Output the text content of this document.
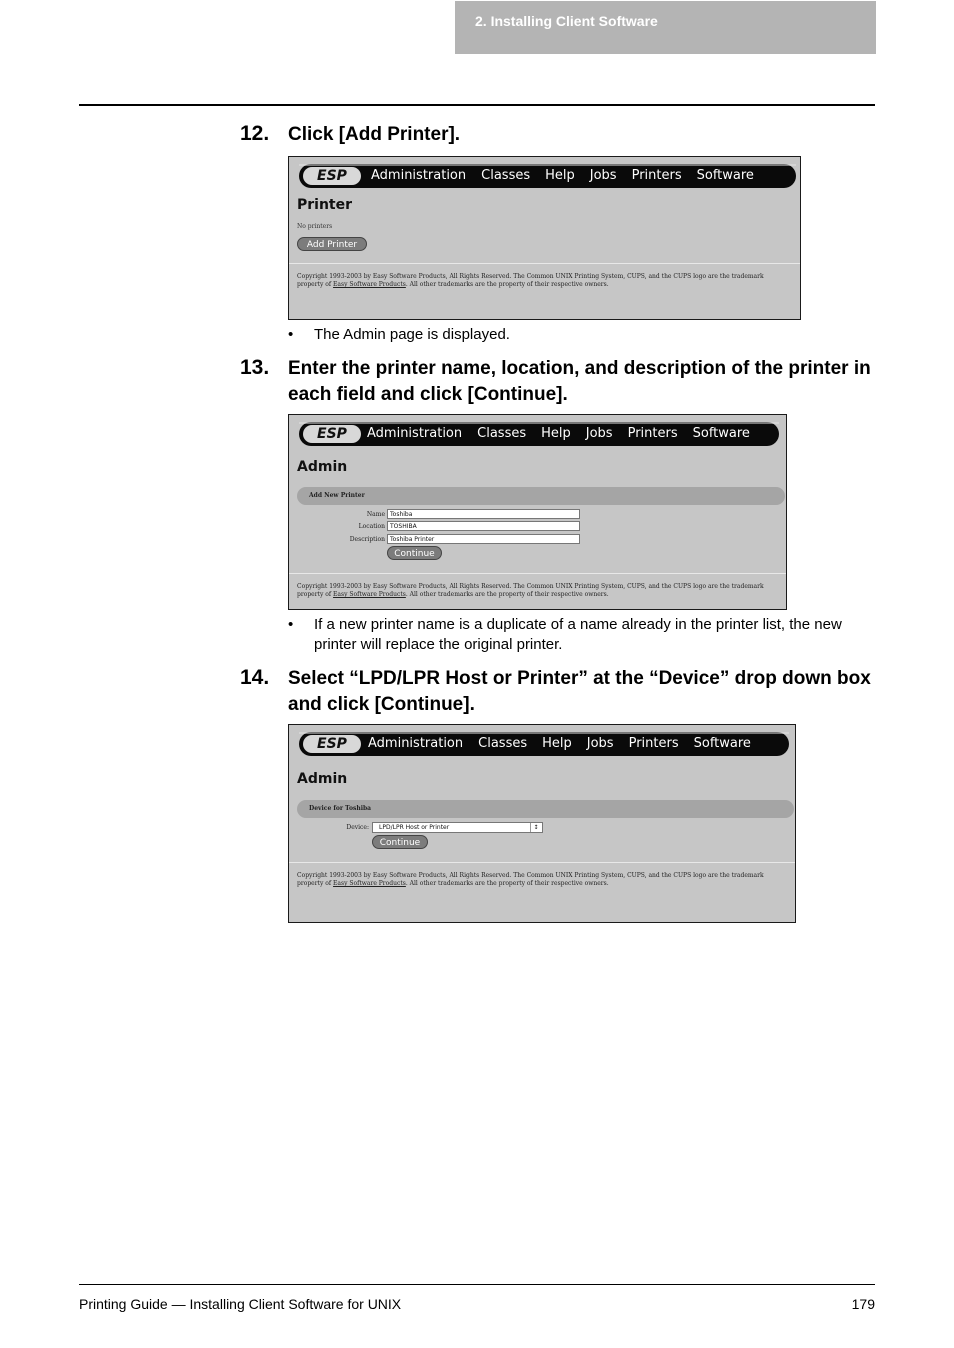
2. Installing Client Software
12. Click [Add Printer].
ESP	Administration Classes Help Jobs Printers Software
Printer
No printers
Add Printer
Copyright 1993-2003 by Easy Software Products, All Rights Reserved. The Common UNIX Printing System, CUPS, and the CUPS logo are the trademark
property of Easy Software Products. All other trademarks are the property of their respective owners.
• The Admin page is displayed.
13. Enter the printer name, location, and description of the printer in each field and click [Continue].
ESP	Administration Classes Help Jobs Printers Software
Admin
Add New Printer
Name Toshiba
Location TOSHIBA
Description Toshiba Printer
Continue
Copyright 1993-2003 by Easy Software Products, All Rights Reserved. The Common UNIX Printing System, CUPS, and the CUPS logo are the trademark
property of Easy Software Products. All other trademarks are the property of their respective owners.
• If a new printer name is a duplicate of a name already in the printer list, the new printer will replace the original printer.
14. Select “LPD/LPR Host or Printer” at the “Device” drop down box and click [Continue].
ESP	Administration Classes Help Jobs Printers Software
Admin
Device for Toshiba
Device:	LPD/LPR Host or Printer	↕
Continue
Copyright 1993-2003 by Easy Software Products, All Rights Reserved. The Common UNIX Printing System, CUPS, and the CUPS logo are the trademark
property of Easy Software Products. All other trademarks are the property of their respective owners.
Printing Guide — Installing Client Software for UNIX	179
